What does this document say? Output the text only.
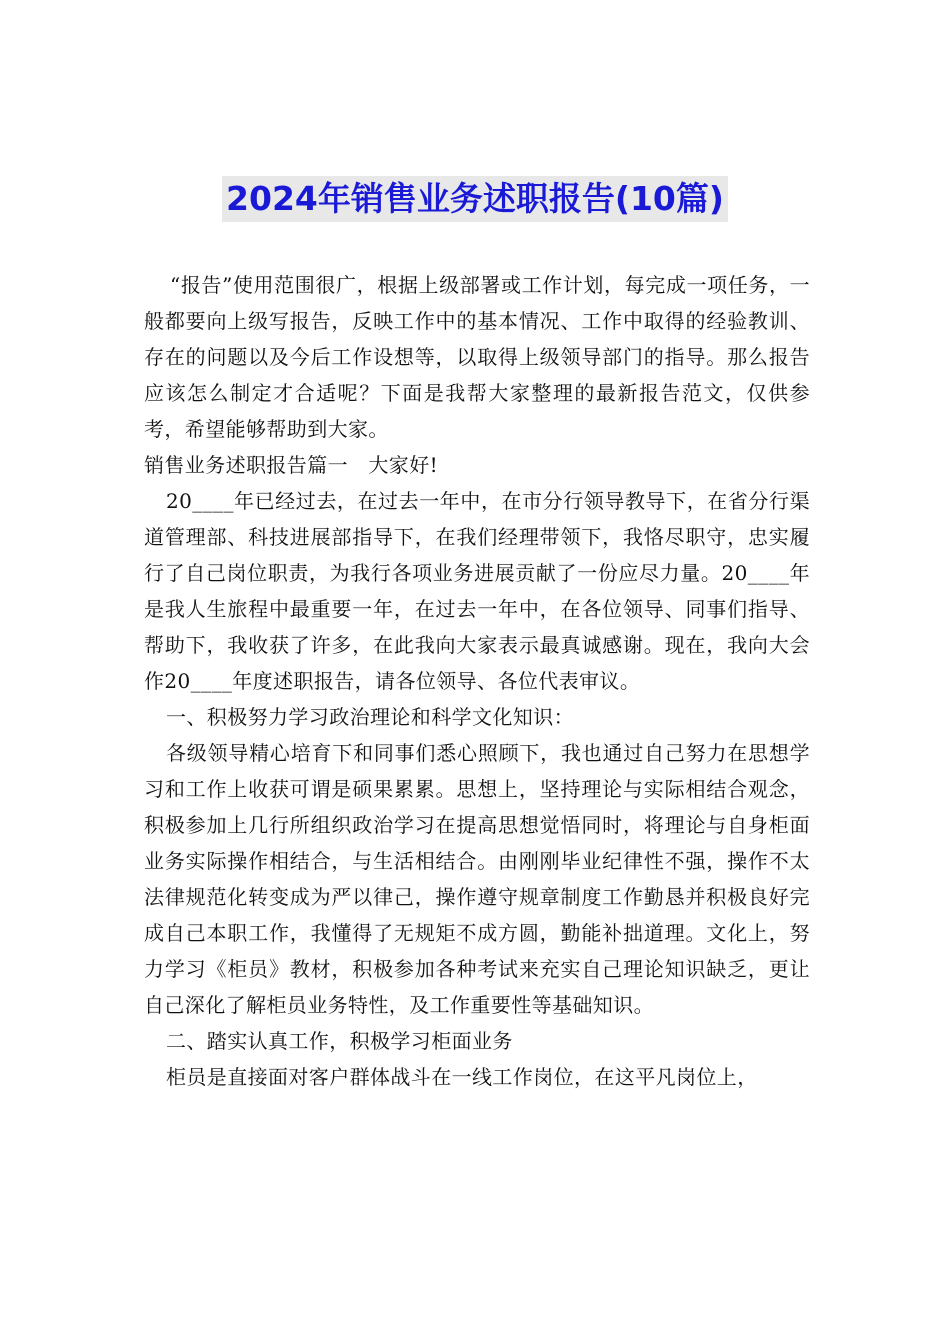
2024年销售业务述职报告(10篇)

“报告”使用范围很广，根据上级部署或工作计划，每完成一项任务，一般都要向上级写报告，反映工作中的基本情况、工作中取得的经验教训、存在的问题以及今后工作设想等，以取得上级领导部门的指导。那么报告应该怎么制定才合适呢？下面是我帮大家整理的最新报告范文，仅供参考，希望能够帮助到大家。

销售业务述职报告篇一　大家好!

20____年已经过去，在过去一年中，在市分行领导教导下，在省分行渠道管理部、科技进展部指导下，在我们经理带领下，我恪尽职守，忠实履行了自己岗位职责，为我行各项业务进展贡献了一份应尽力量。20____年是我人生旅程中最重要一年，在过去一年中，在各位领导、同事们指导、帮助下，我收获了许多，在此我向大家表示最真诚感谢。现在，我向大会作20____年度述职报告，请各位领导、各位代表审议。

一、积极努力学习政治理论和科学文化知识：

各级领导精心培育下和同事们悉心照顾下，我也通过自己努力在思想学习和工作上收获可谓是硕果累累。思想上，坚持理论与实际相结合观念，积极参加上几行所组织政治学习在提高思想觉悟同时，将理论与自身柜面业务实际操作相结合，与生活相结合。由刚刚毕业纪律性不强，操作不太法律规范化转变成为严以律己，操作遵守规章制度工作勤恳并积极良好完成自己本职工作，我懂得了无规矩不成方圆，勤能补拙道理。文化上，努力学习《柜员》教材，积极参加各种考试来充实自己理论知识缺乏，更让自己深化了解柜员业务特性，及工作重要性等基础知识。

二、踏实认真工作，积极学习柜面业务

柜员是直接面对客户群体战斗在一线工作岗位，在这平凡岗位上，
